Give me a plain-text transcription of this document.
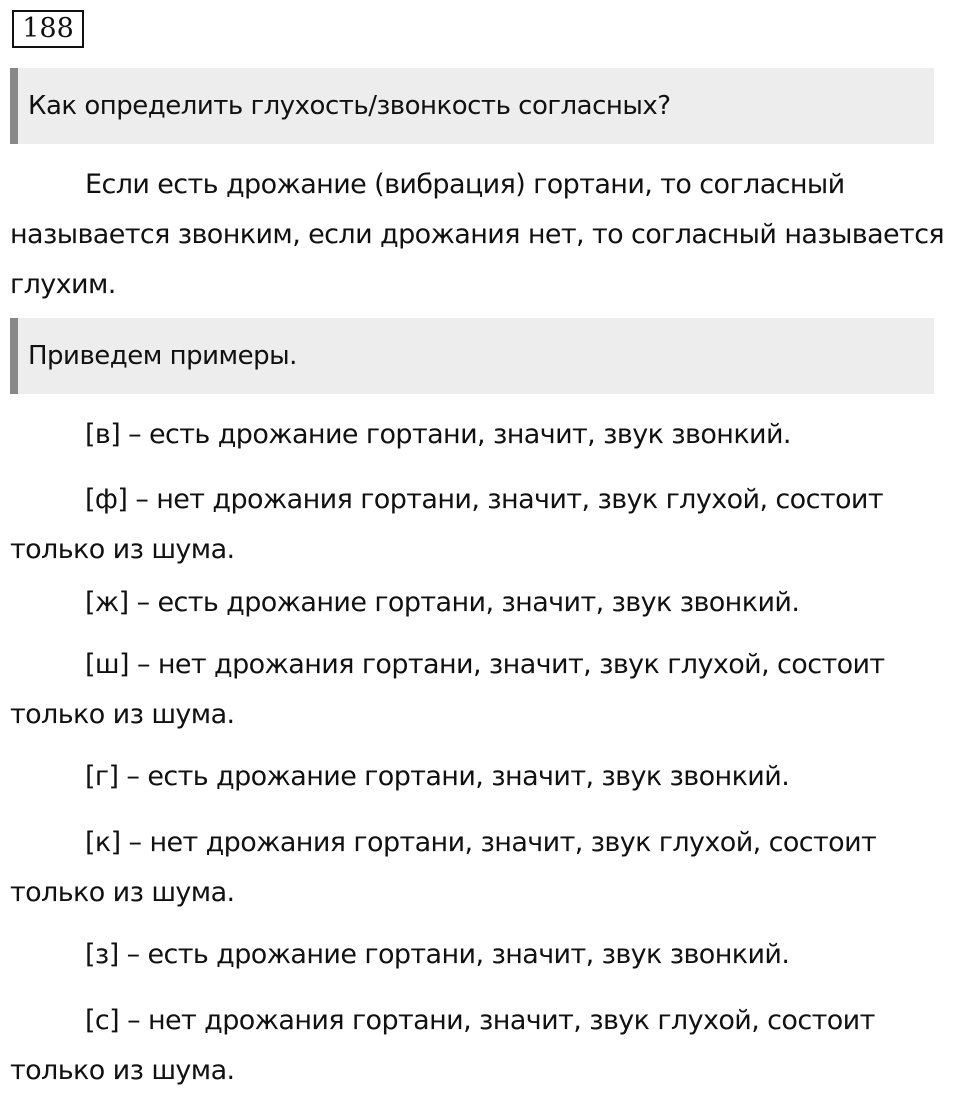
188
Как определить глухость/звонкость согласных?

Если есть дрожание (вибрация) гортани, то согласный называется звонким, если дрожания нет, то согласный называется глухим.

Приведем примеры.

[в] – есть дрожание гортани, значит, звук звонкий.

[ф] – нет дрожания гортани, значит, звук глухой, состоит только из шума.

[ж] – есть дрожание гортани, значит, звук звонкий.

[ш] – нет дрожания гортани, значит, звук глухой, состоит только из шума.

[г] – есть дрожание гортани, значит, звук звонкий.

[к] – нет дрожания гортани, значит, звук глухой, состоит только из шума.

[з] – есть дрожание гортани, значит, звук звонкий.

[с] – нет дрожания гортани, значит, звук глухой, состоит только из шума.
